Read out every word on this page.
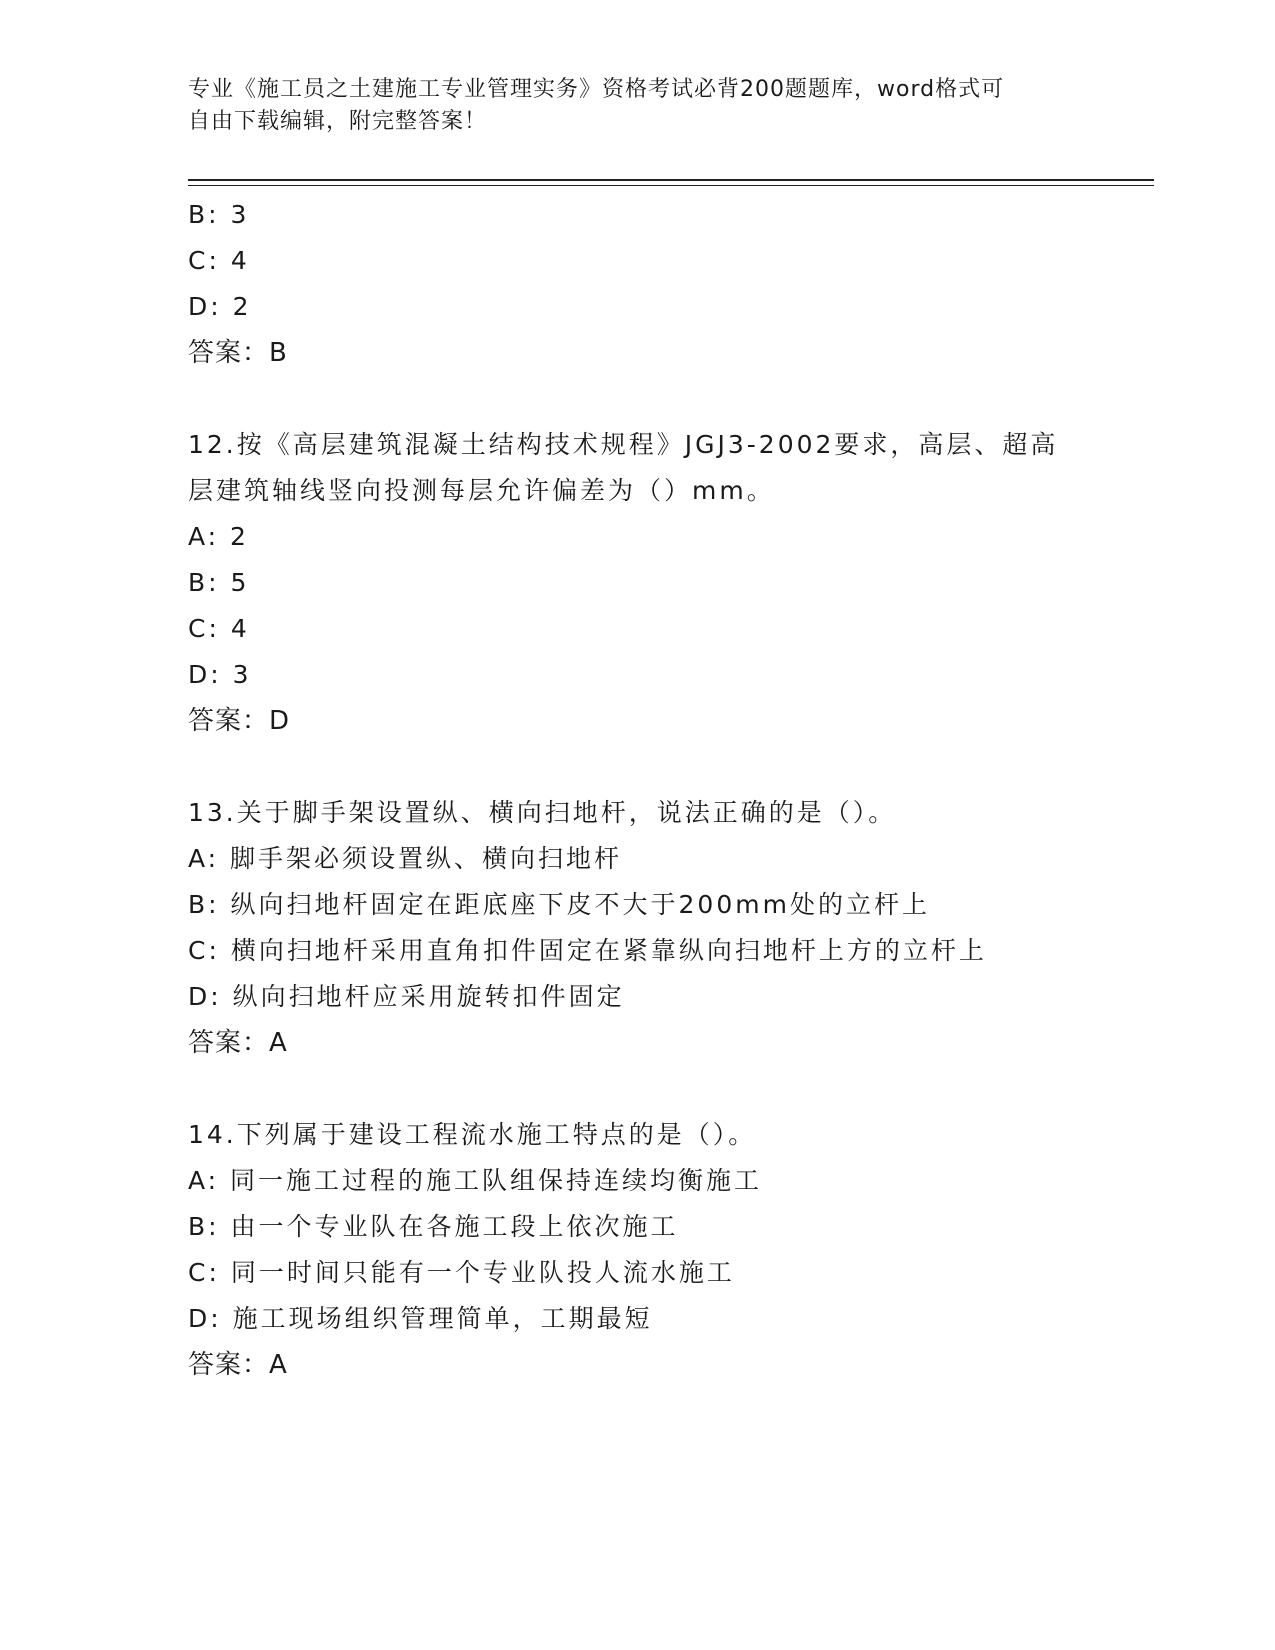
专业《施工员之土建施工专业管理实务》资格考试必背200题题库，word格式可
自由下载编辑，附完整答案！
B: 3
C: 4
D: 2
答案：B
12.按《高层建筑混凝土结构技术规程》JGJ3-2002要求，高层、超高
层建筑轴线竖向投测每层允许偏差为（）mm。
A: 2
B: 5
C: 4
D: 3
答案：D
13.关于脚手架设置纵、横向扫地杆，说法正确的是（）。
A: 脚手架必须设置纵、横向扫地杆
B: 纵向扫地杆固定在距底座下皮不大于200mm处的立杆上
C: 横向扫地杆采用直角扣件固定在紧靠纵向扫地杆上方的立杆上
D: 纵向扫地杆应采用旋转扣件固定
答案：A
14.下列属于建设工程流水施工特点的是（）。
A: 同一施工过程的施工队组保持连续均衡施工
B: 由一个专业队在各施工段上依次施工
C: 同一时间只能有一个专业队投人流水施工
D: 施工现场组织管理简单，工期最短
答案：A
